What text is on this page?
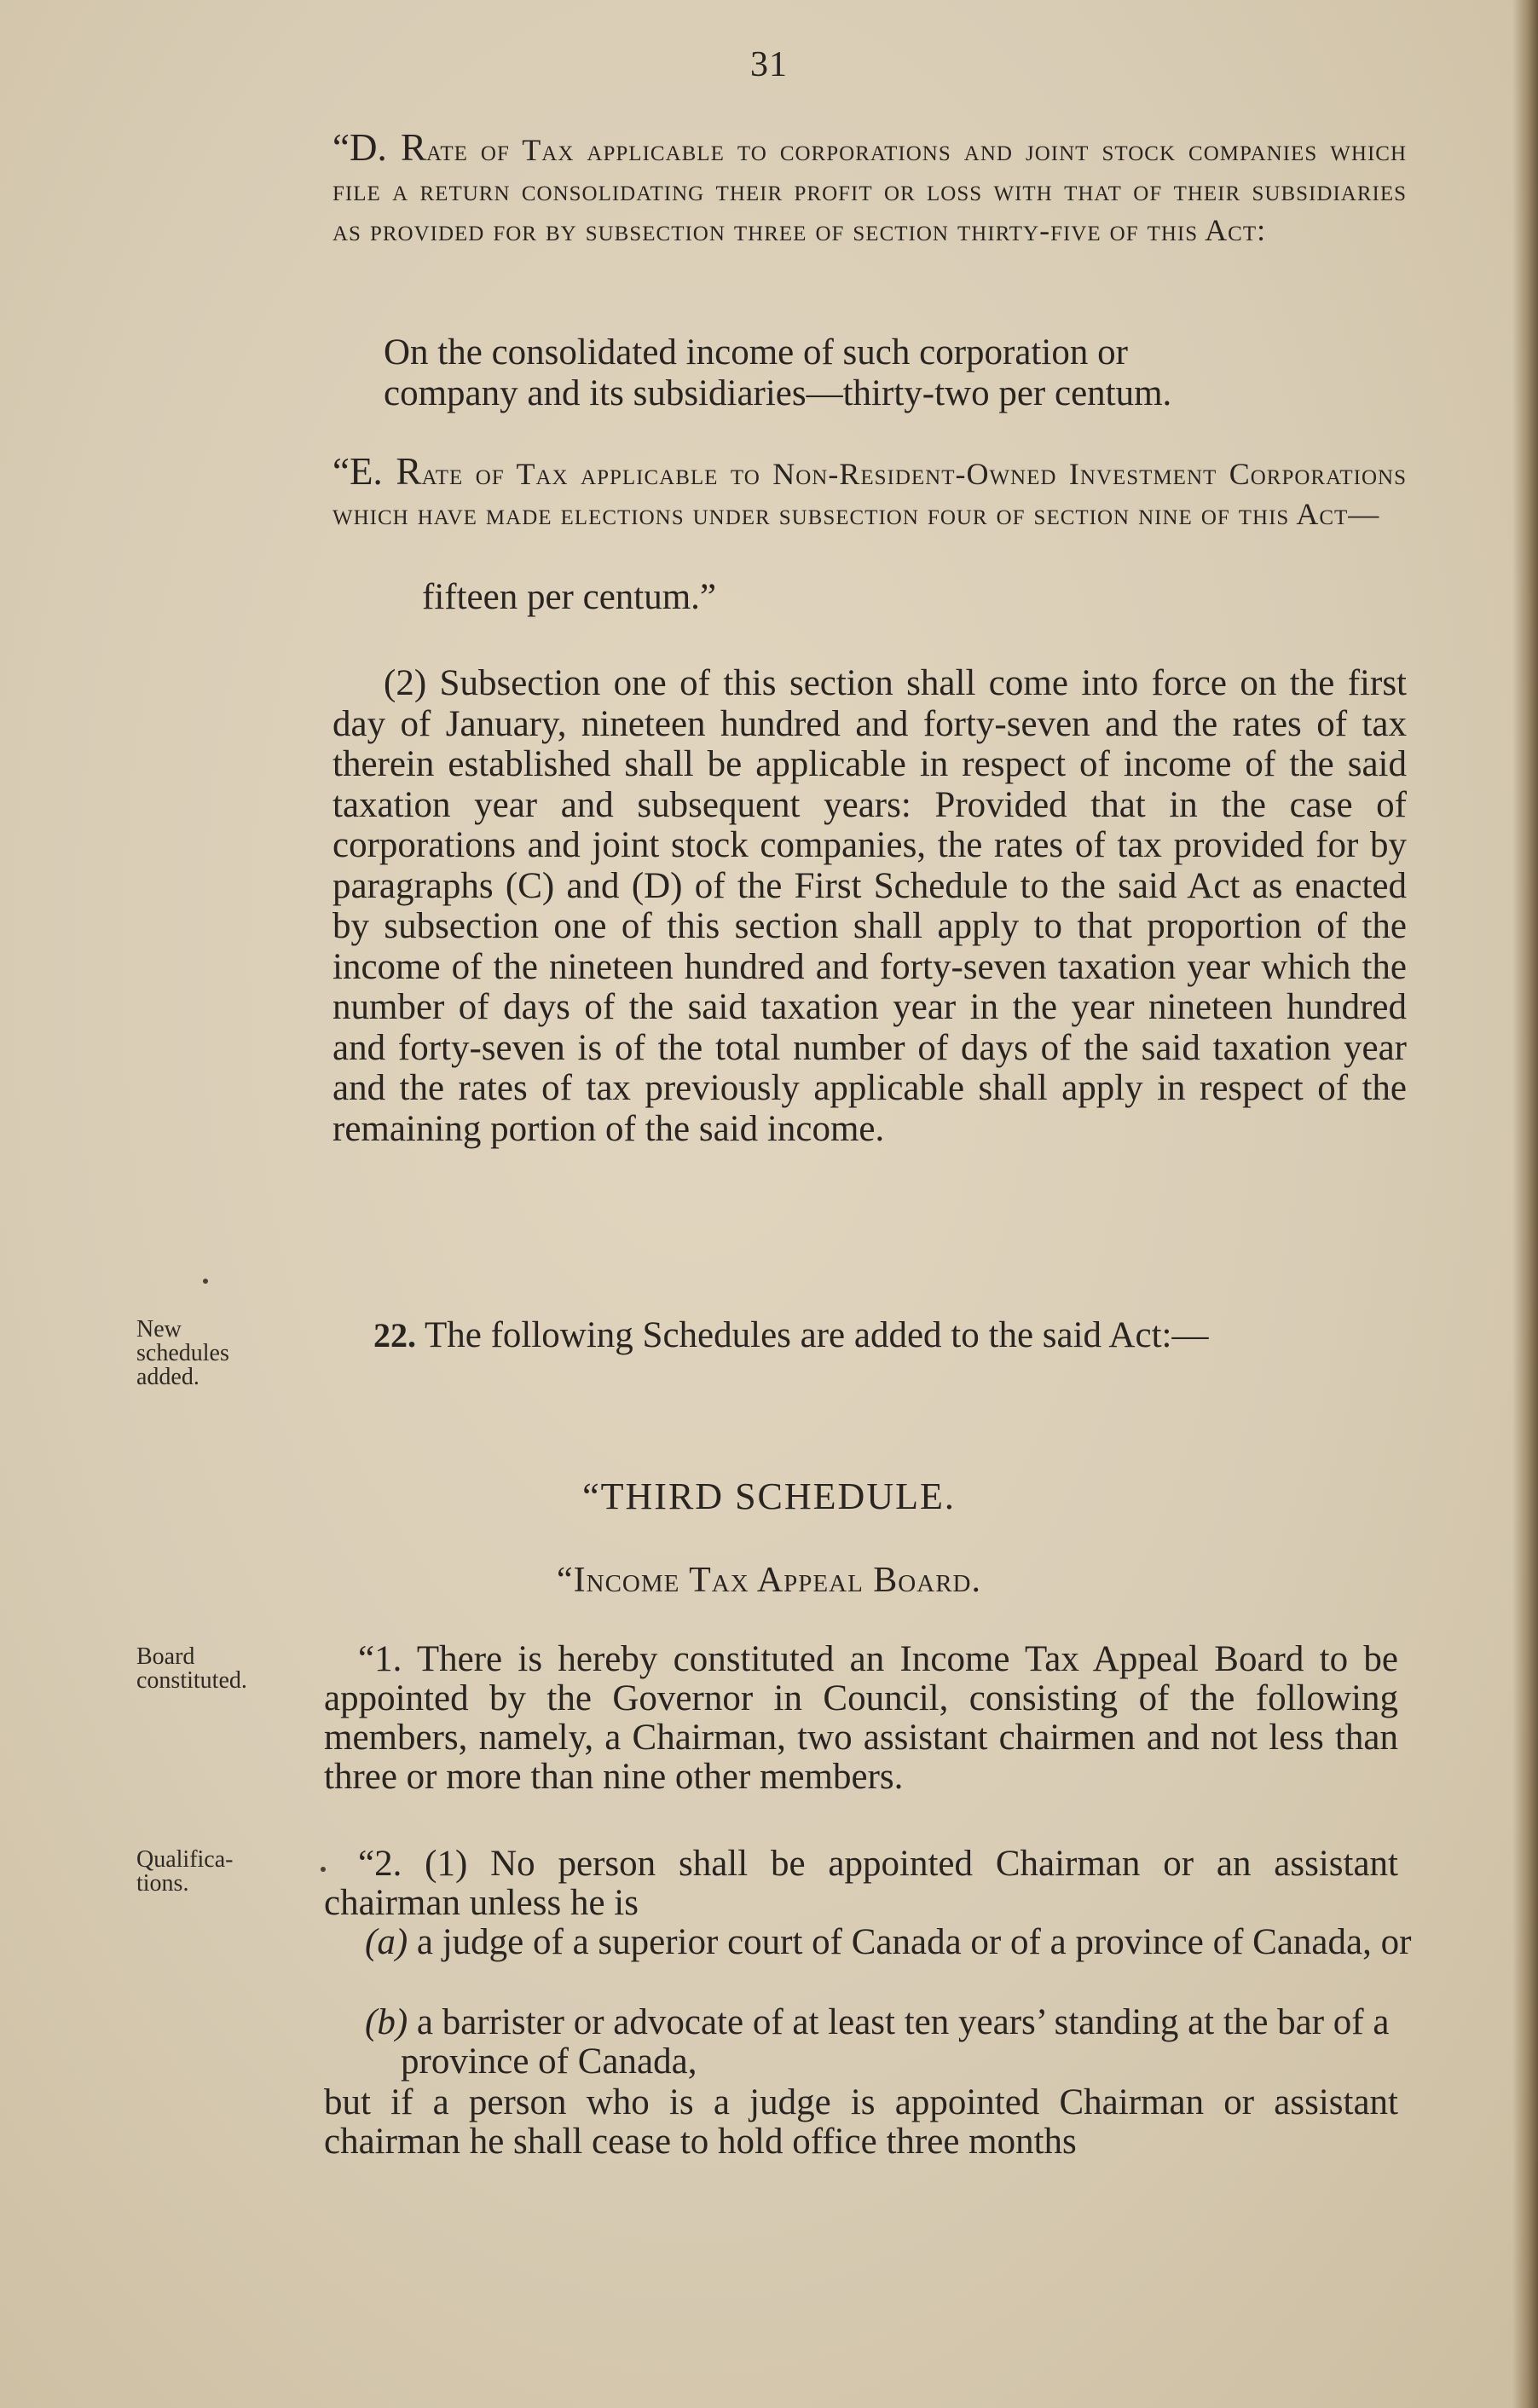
31
“D. Rate of Tax applicable to corporations and joint stock companies which file a return consolidating their profit or loss with that of their subsidiaries as provided for by subsection three of section thirty-five of this Act:
On the consolidated income of such corporation or
company and its subsidiaries—thirty-two per centum.
“E. Rate of Tax applicable to Non-Resident-Owned Investment Corporations which have made elections under subsection four of section nine of this Act—
fifteen per centum.”
(2) Subsection one of this section shall come into force on the first day of January, nineteen hundred and forty-seven and the rates of tax therein established shall be applicable in respect of income of the said taxation year and subsequent years: Provided that in the case of corporations and joint stock companies, the rates of tax provided for by paragraphs (C) and (D) of the First Schedule to the said Act as enacted by subsection one of this section shall apply to that proportion of the income of the nineteen hundred and forty-seven taxation year which the number of days of the said taxation year in the year nineteen hundred and forty-seven is of the total number of days of the said taxation year and the rates of tax previously applicable shall apply in respect of the remaining portion of the said income.
22. The following Schedules are added to the said Act:—
New
schedules
added.
Board
constituted.
Qualifica-
tions.
“THIRD SCHEDULE.
“Income Tax Appeal Board.
“1. There is hereby constituted an Income Tax Appeal Board to be appointed by the Governor in Council, consisting of the following members, namely, a Chairman, two assistant chairmen and not less than three or more than nine other members.
“2. (1) No person shall be appointed Chairman or an assistant chairman unless he is
(a) a judge of a superior court of Canada or of a province of Canada, or
(b) a barrister or advocate of at least ten years’ standing at the bar of a province of Canada,
but if a person who is a judge is appointed Chairman or assistant chairman he shall cease to hold office three months
